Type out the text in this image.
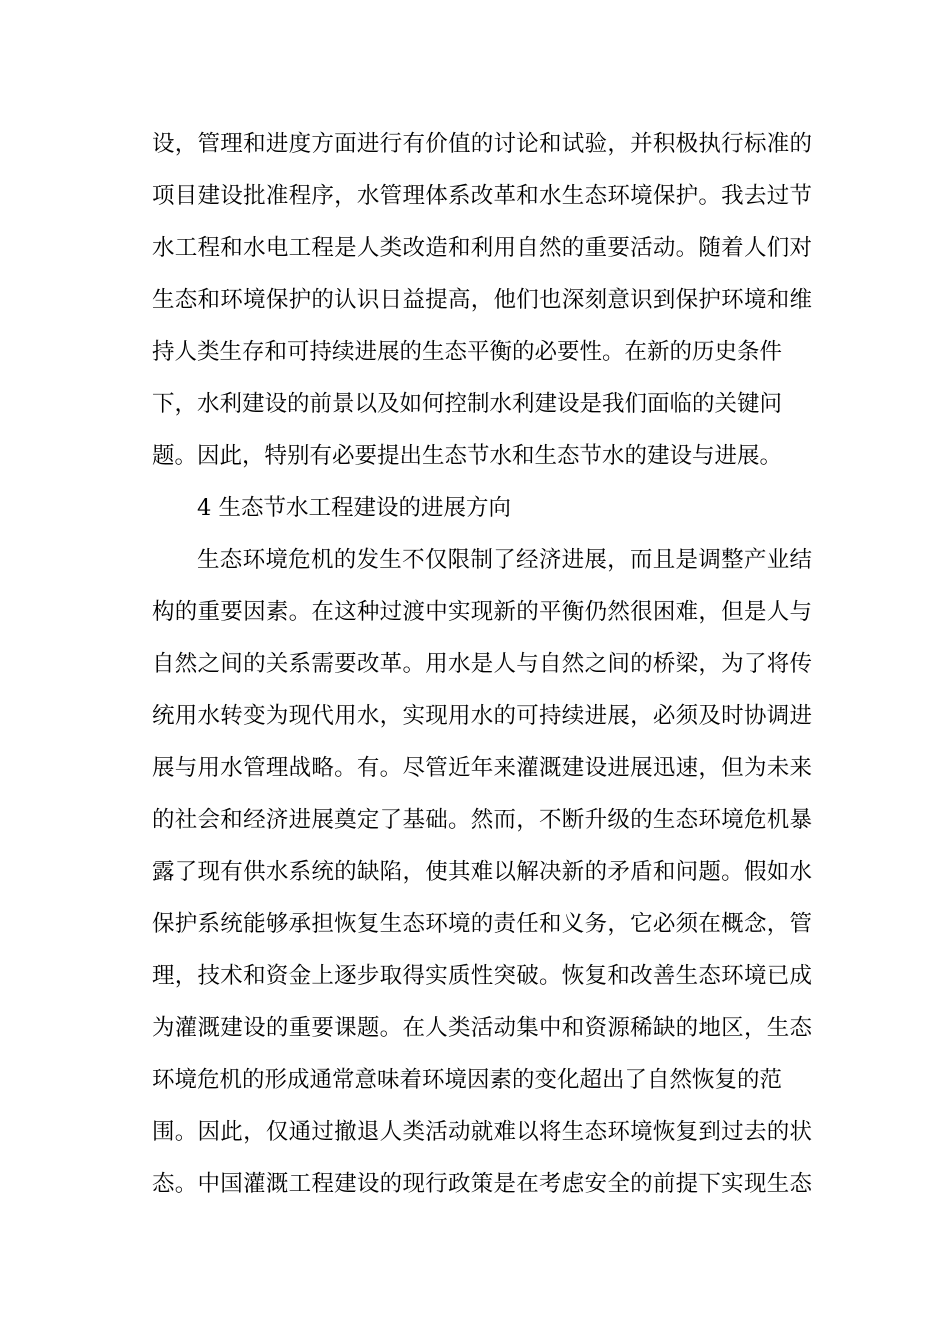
设，管理和进度方面进行有价值的讨论和试验，并积极执行标准的
项目建设批准程序，水管理体系改革和水生态环境保护。我去过节
水工程和水电工程是人类改造和利用自然的重要活动。随着人们对
生态和环境保护的认识日益提高，他们也深刻意识到保护环境和维
持人类生存和可持续进展的生态平衡的必要性。在新的历史条件
下，水利建设的前景以及如何控制水利建设是我们面临的关键问
题。因此，特别有必要提出生态节水和生态节水的建设与进展。
4 生态节水工程建设的进展方向
生态环境危机的发生不仅限制了经济进展，而且是调整产业结
构的重要因素。在这种过渡中实现新的平衡仍然很困难，但是人与
自然之间的关系需要改革。用水是人与自然之间的桥梁，为了将传
统用水转变为现代用水，实现用水的可持续进展，必须及时协调进
展与用水管理战略。有。尽管近年来灌溉建设进展迅速，但为未来
的社会和经济进展奠定了基础。然而，不断升级的生态环境危机暴
露了现有供水系统的缺陷，使其难以解决新的矛盾和问题。假如水
保护系统能够承担恢复生态环境的责任和义务，它必须在概念，管
理，技术和资金上逐步取得实质性突破。恢复和改善生态环境已成
为灌溉建设的重要课题。在人类活动集中和资源稀缺的地区，生态
环境危机的形成通常意味着环境因素的变化超出了自然恢复的范
围。因此，仅通过撤退人类活动就难以将生态环境恢复到过去的状
态。中国灌溉工程建设的现行政策是在考虑安全的前提下实现生态
